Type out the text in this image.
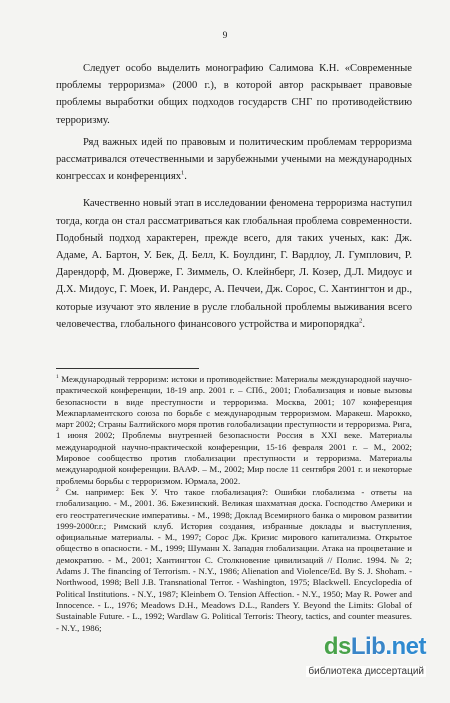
9

Следует особо выделить монографию Салимова К.Н. «Современные проблемы терроризма» (2000 г.), в которой автор раскрывает правовые проблемы выработки общих подходов государств СНГ по противодействию терроризму.

Ряд важных идей по правовым и политическим проблемам терроризма рассматривался отечественными и зарубежными учеными на международных конгрессах и конференциях$^1$.

Качественно новый этап в исследовании феномена терроризма наступил тогда, когда он стал рассматриваться как глобальная проблема современности. Подобный подход характерен, прежде всего, для таких ученых, как: Дж. Адаме, А. Бартон, У. Бек, Д. Белл, К. Боулдинг, Г. Вардлоу, Л. Гумплович, Р. Дарендорф, М. Дюверже, Г. Зиммель, О. Клейнберг, Л. Козер, Д.Л. Мидоус и Д.Х. Мидоус, Г. Моек, И. Рандерс, А. Печчеи, Дж. Сорос, С. Хантингтон и др., которые изучают это явление в русле глобальной проблемы выживания всего человечества, глобального финансового устройства и миропорядка$^2$.

$^1$ Международный терроризм: истоки и противодействие: Материалы международной научно-практической конференции, 18-19 апр. 2001 г. – СПб., 2001; Глобализация и новые вызовы безопасности в виде преступности и терроризма. Москва, 2001; 107 конференция Межпарламентского союза по борьбе с международным терроризмом. Маракеш. Марокко, март 2002; Страны Балтийского моря против голобализации преступности и терроризма. Рига, 1 июня 2002; Проблемы внутренней безопасности Россия в XXI веке. Материалы международной научно-практической конференции, 15-16 февраля 2001 г. – М., 2002; Мировое сообщество против глобализации преступности и терроризма. Материалы международной конференции. ВААФ. – М., 2002; Мир после 11 сентября 2001 г. и некоторые проблемы борьбы с терроризмом. Юрмала, 2002.

$^2$ См. например: Бек У. Что такое глобализация?: Ошибки глобализма - ответы на глобализацию. - М., 2001. 36. Бжезинский. Великая шахматная доска. Господство Америки и его геостратегические императивы. - М., 1998; Доклад Всемирного банка о мировом развитии 1999-2000г.г.; Римский клуб. История создания, избранные доклады и выступления, официальные материалы. - М., 1997; Сорос Дж. Кризис мирового капитализма. Открытое общество в опасности. - М., 1999; Шуманн Х. Западня глобализации. Атака на процветание и демократию. - М., 2001; Хантингтон С. Столкновение цивилизаций // Полис. 1994. № 2; Adams J. The financing of Terrorism. - N.Y., 1986; Alienation and Violence/Ed. By S. J. Shoham. - Northwood, 1998; Bell J.B. Transnational Terror. - Washington, 1975; Blackwell. Encyclopedia of Political Institutions. - N.Y., 1987; Kleinbem O. Tension Affection. - N.Y., 1950; May R. Power and Innocence. - L., 1976; Meadows D.H., Meadows D.L., Randers Y. Beyond the Limits: Global of Sustainable Future. - L., 1992; Wardlaw G. Political Terroris: Theory, tactics, and counter measures. - N.Y., 1986;

dsLib.net
библиотека диссертаций
